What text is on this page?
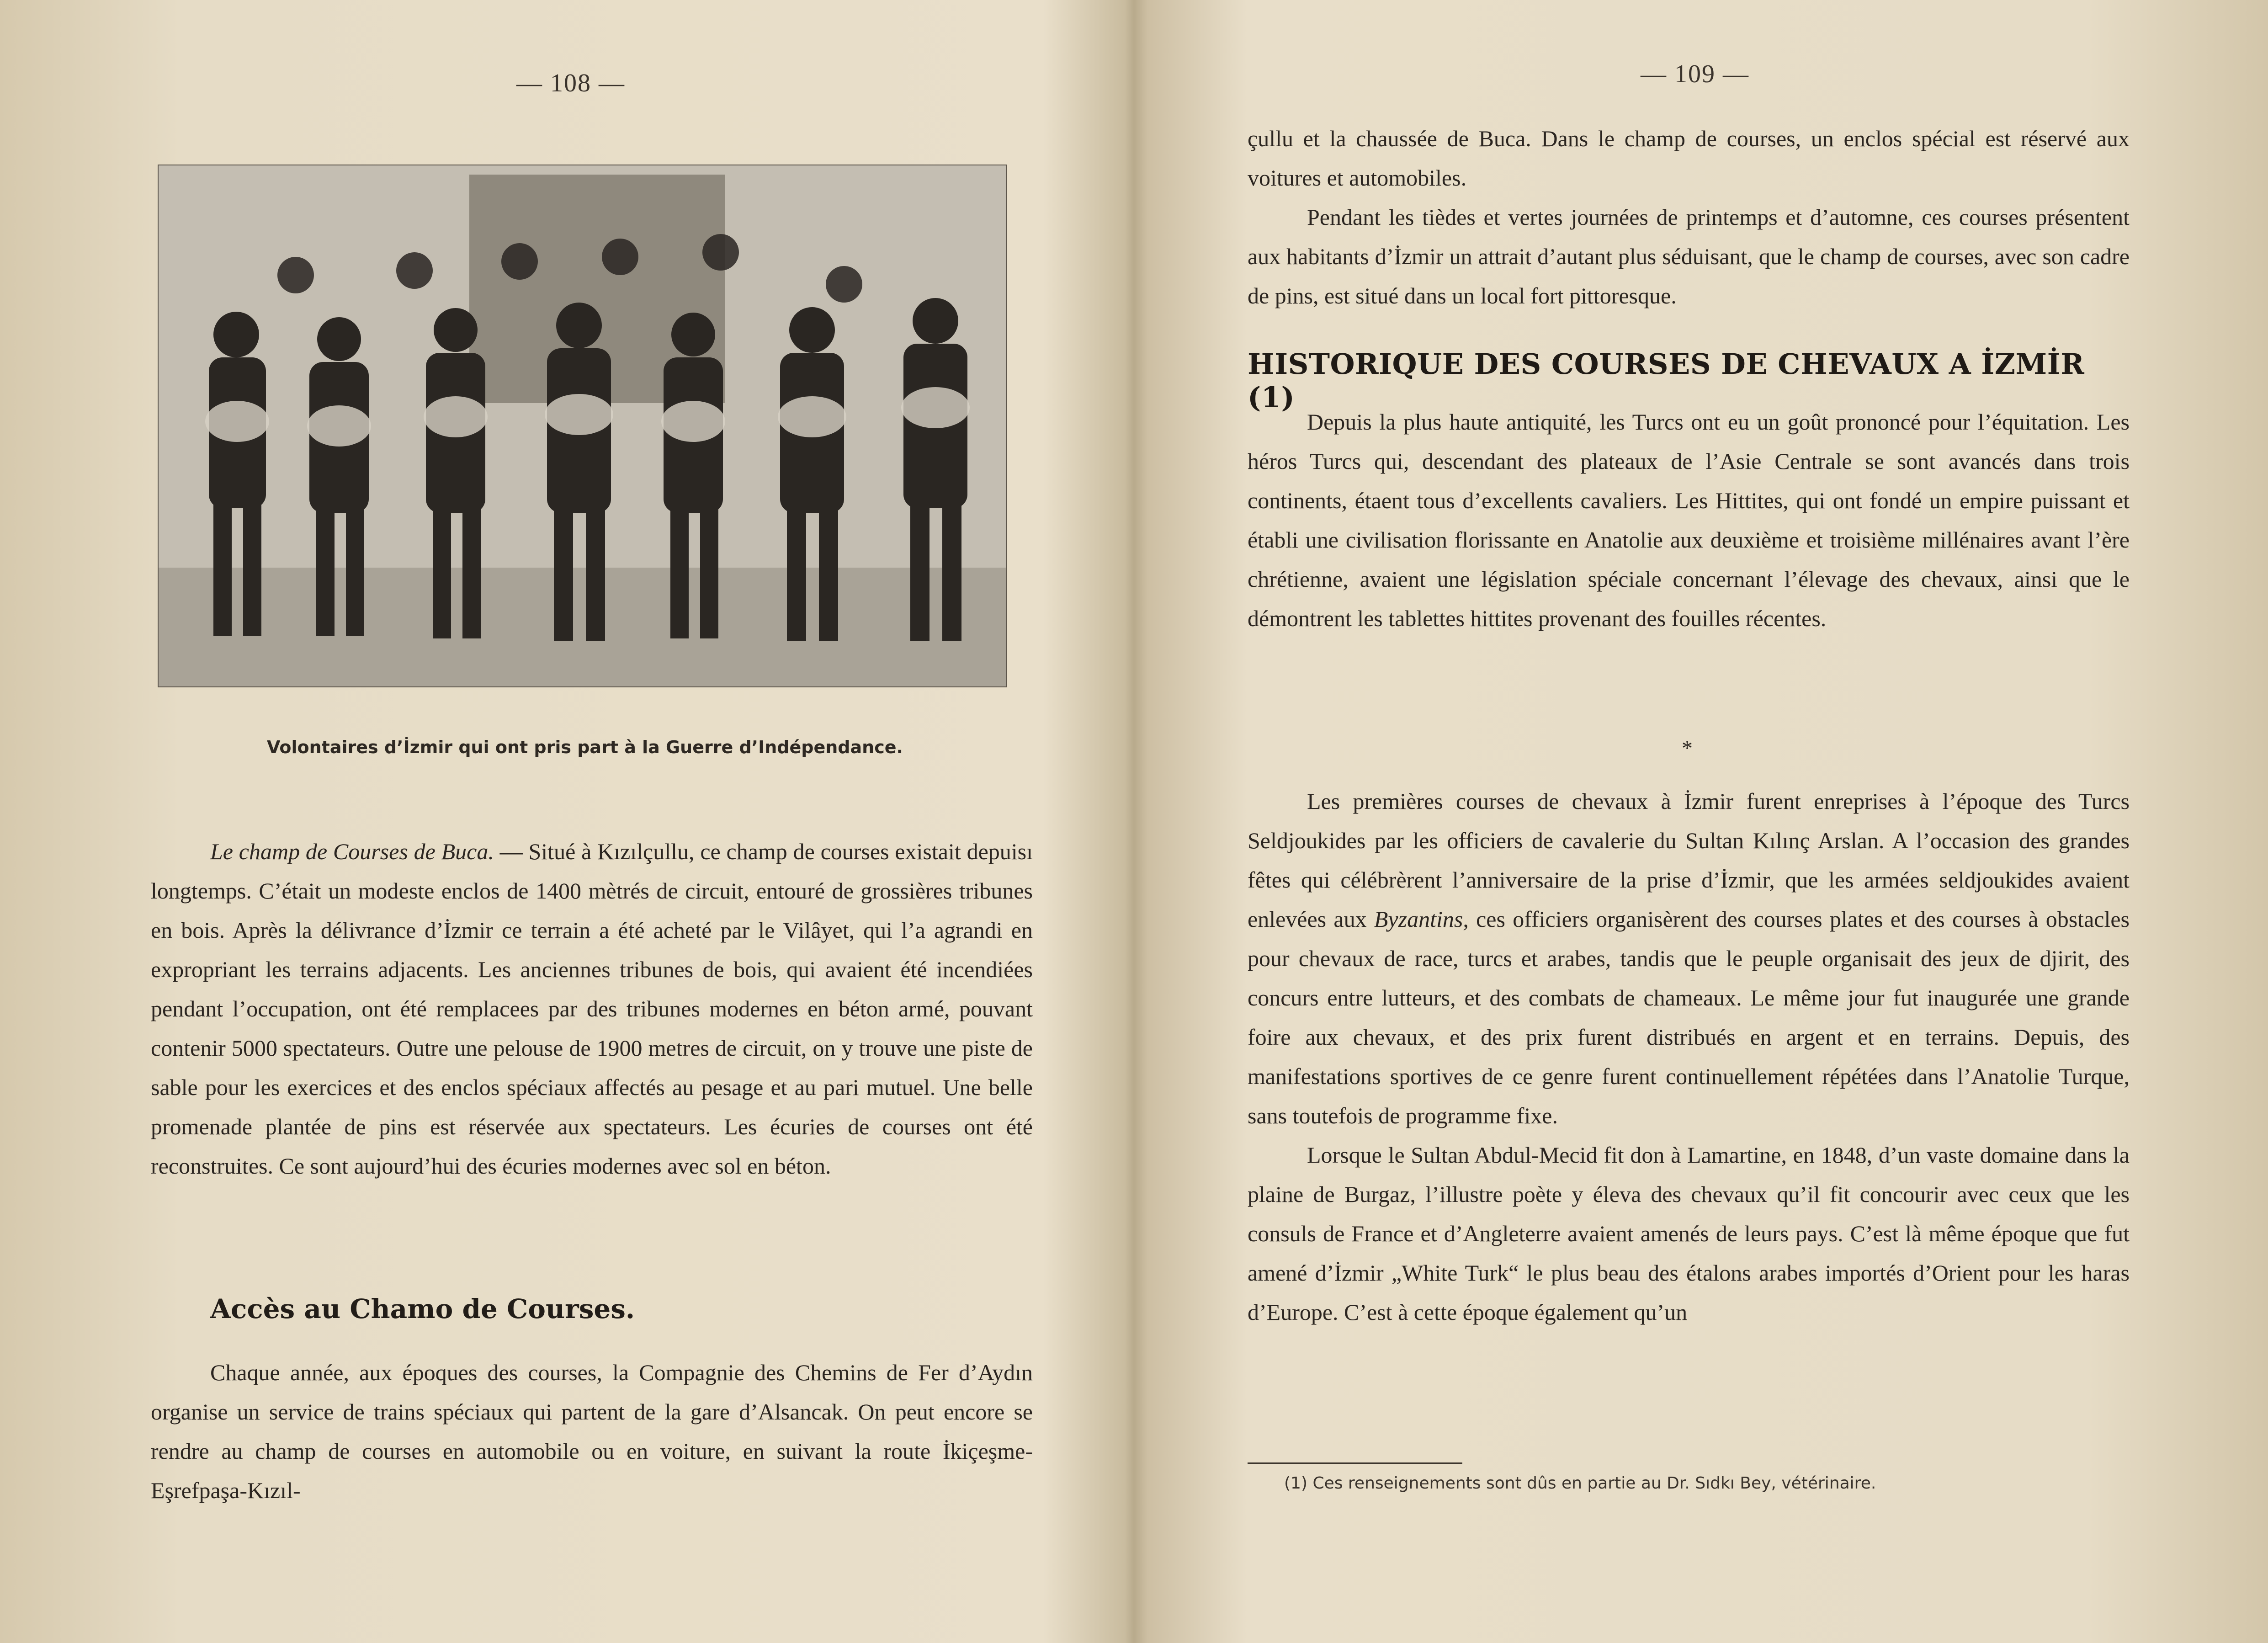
— 108 —
Volontaires d’İzmir qui ont pris part à la Guerre d’Indépendance.
Le champ de Courses de Buca. — Situé à Kızılçullu, ce champ de courses existait depuisı longtemps. C’était un modeste enclos de 1400 mètrés de circuit, entouré de grossières tribunes en bois. Après la délivrance d’İzmir ce terrain a été acheté par le Vilâyet, qui l’a agrandi en expropriant les terrains adjacents. Les anciennes tribunes de bois, qui avaient été incendiées pendant l’occupation, ont été remplacees par des tribunes modernes en béton armé, pouvant contenir 5000 spectateurs. Outre une pelouse de 1900 metres de circuit, on y trouve une piste de sable pour les exercices et des enclos spéciaux affectés au pesage et au pari mutuel. Une belle promenade plantée de pins est réservée aux spectateurs. Les écuries de courses ont été reconstruites. Ce sont aujourd’hui des écuries modernes avec sol en béton.
Accès au Chamo de Courses.
Chaque année, aux époques des courses, la Compagnie des Chemins de Fer d’Aydın organise un service de trains spéciaux qui partent de la gare d’Alsancak. On peut encore se rendre au champ de courses en automobile ou en voiture, en suivant la route İkiçeşme-Eşrefpaşa-Kızıl-
— 109 —
çullu et la chaussée de Buca. Dans le champ de courses, un enclos spécial est réservé aux voitures et automobiles.
Pendant les tièdes et vertes journées de printemps et d’automne, ces courses présentent aux habitants d’İzmir un attrait d’autant plus séduisant, que le champ de courses, avec son cadre de pins, est situé dans un local fort pittoresque.
HISTORIQUE DES COURSES DE CHEVAUX A İZMİR (1)
Depuis la plus haute antiquité, les Turcs ont eu un goût prononcé pour l’équitation. Les héros Turcs qui, descendant des plateaux de l’Asie Centrale se sont avancés dans trois continents, étaent tous d’excellents cavaliers. Les Hittites, qui ont fondé un empire puissant et établi une civilisation florissante en Anatolie aux deuxième et troisième millénaires avant l’ère chrétienne, avaient une législation spéciale concernant l’élevage des chevaux, ainsi que le démontrent les tablettes hittites provenant des fouilles récentes.
*
Les premières courses de chevaux à İzmir furent enreprises à l’époque des Turcs Seldjoukides par les officiers de cavalerie du Sultan Kılınç Arslan. A l’occasion des grandes fêtes qui célébrèrent l’anniversaire de la prise d’İzmir, que les armées seldjoukides avaient enlevées aux Byzantins, ces officiers organisèrent des courses plates et des courses à obstacles pour chevaux de race, turcs et arabes, tandis que le peuple organisait des jeux de djirit, des concurs entre lutteurs, et des combats de chameaux. Le même jour fut inaugurée une grande foire aux chevaux, et des prix furent distribués en argent et en terrains. Depuis, des manifestations sportives de ce genre furent continuellement répétées dans l’Anatolie Turque, sans toutefois de programme fixe.
Lorsque le Sultan Abdul-Mecid fit don à Lamartine, en 1848, d’un vaste domaine dans la plaine de Burgaz, l’illustre poète y éleva des chevaux qu’il fit concourir avec ceux que les consuls de France et d’Angleterre avaient amenés de leurs pays. C’est là même époque que fut amené d’İzmir „White Turk“ le plus beau des étalons arabes importés d’Orient pour les haras d’Europe. C’est à cette époque également qu’un
(1) Ces renseignements sont dûs en partie au Dr. Sıdkı Bey, vétérinaire.
